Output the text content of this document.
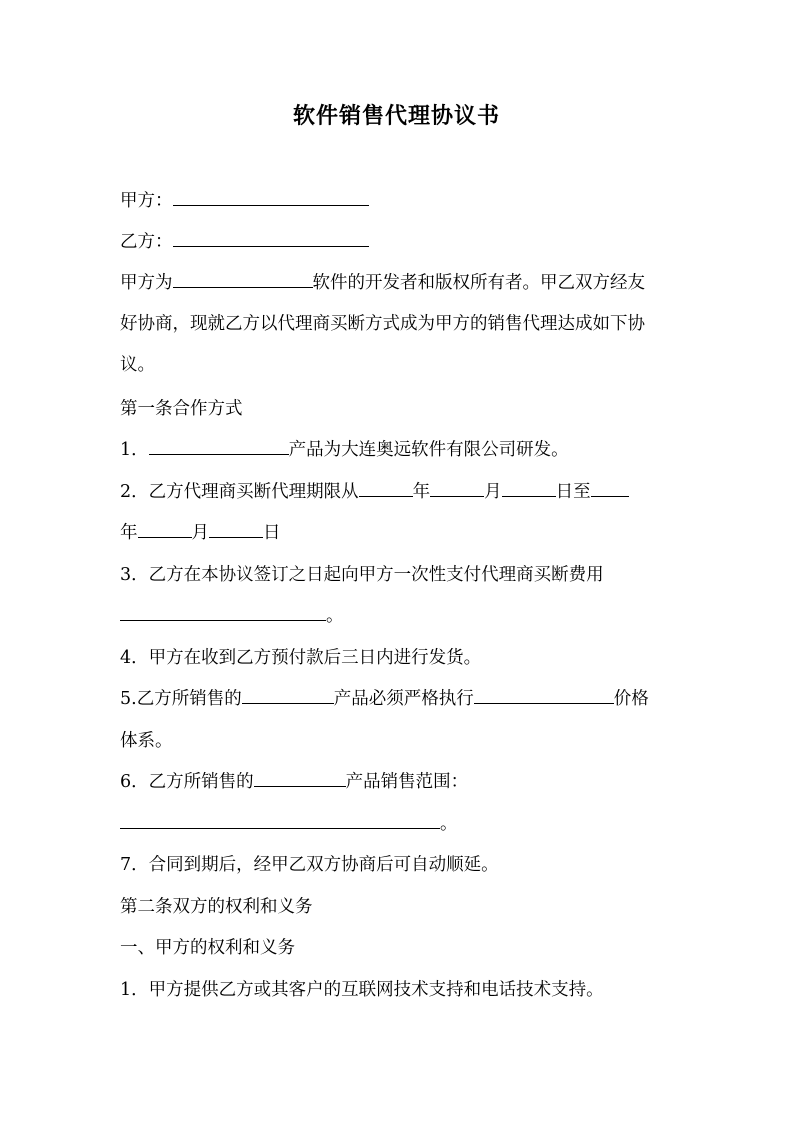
软件销售代理协议书
甲方：
乙方：
甲方为	软件的开发者和版权所有者。甲乙双方经友
好协商，现就乙方以代理商买断方式成为甲方的销售代理达成如下协
议。
第一条合作方式
1．	产品为大连奥远软件有限公司研发。
2．乙方代理商买断代理期限从	年	月	日至
年	月	日
3．乙方在本协议签订之日起向甲方一次性支付代理商买断费用
。
4．甲方在收到乙方预付款后三日内进行发货。
5.乙方所销售的	产品必须严格执行	价格
体系。
6．乙方所销售的	产品销售范围：
。
7．合同到期后，经甲乙双方协商后可自动顺延。
第二条双方的权利和义务
一、甲方的权利和义务
1．甲方提供乙方或其客户的互联网技术支持和电话技术支持。
